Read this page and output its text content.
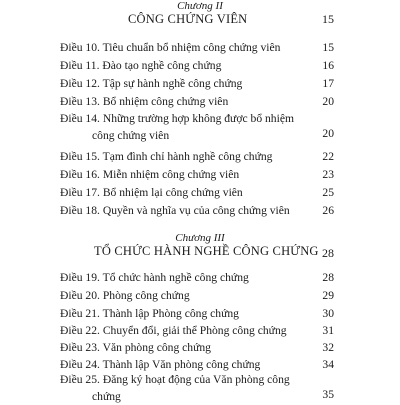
Chương II
CÔNG CHỨNG VIÊN	15
Điều 10. Tiêu chuẩn bổ nhiệm công chứng viên	15
Điều 11. Đào tạo nghề công chứng	16
Điều 12. Tập sự hành nghề công chứng	17
Điều 13. Bổ nhiệm công chứng viên	20
Điều 14. Những trường hợp không được bổ nhiệm
công chứng viên	20
Điều 15. Tạm đình chỉ hành nghề công chứng	22
Điều 16. Miễn nhiệm công chứng viên	23
Điều 17. Bổ nhiệm lại công chứng viên	25
Điều 18. Quyền và nghĩa vụ của công chứng viên	26
Chương III
TỔ CHỨC HÀNH NGHỀ CÔNG CHỨNG 28
Điều 19. Tổ chức hành nghề công chứng	28
Điều 20. Phòng công chứng	29
Điều 21. Thành lập Phòng công chứng	30
Điều 22. Chuyển đổi, giải thể Phòng công chứng	31
Điều 23. Văn phòng công chứng	32
Điều 24. Thành lập Văn phòng công chứng	34
Điều 25. Đăng ký hoạt động của Văn phòng công
chứng	35
